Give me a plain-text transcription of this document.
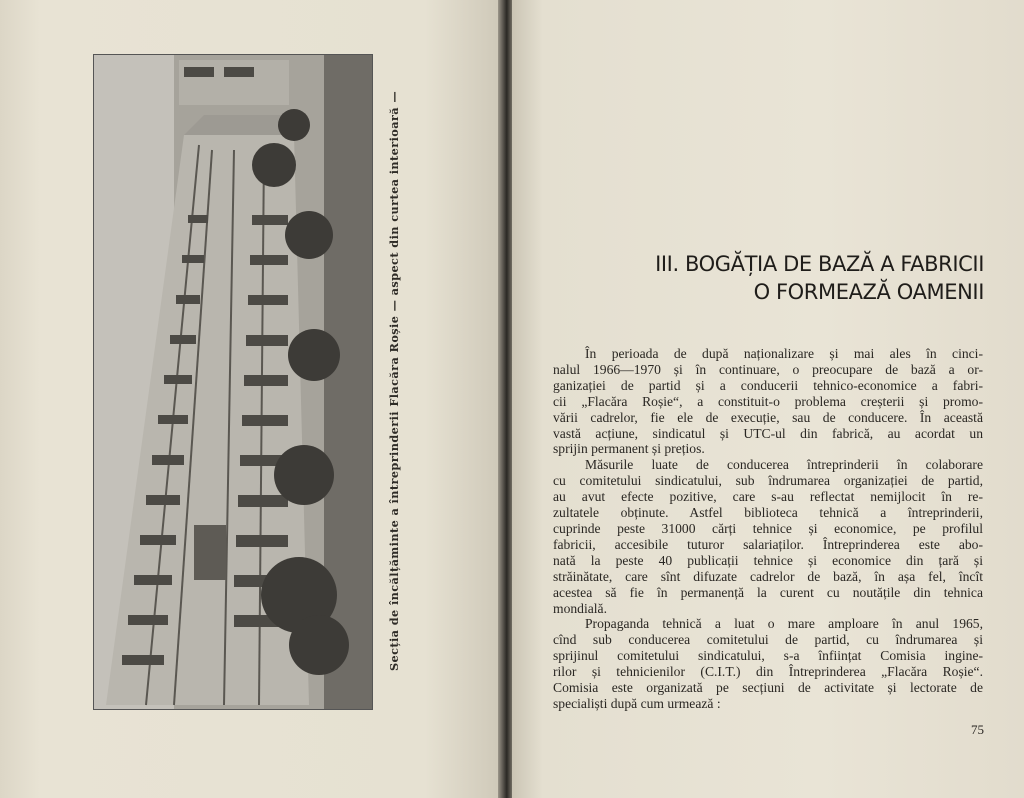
Secția de încălțăminte a întreprinderii Flacăra Roșie — aspect din curtea interioară —	III. BOGĂȚIA DE BAZĂ A FABRICII
O FORMEAZĂ OAMENII
În perioada de după naționalizare și mai ales în cinci-
nalul 1966—1970 și în continuare, o preocupare de bază a or-
ganizației de partid și a conducerii tehnico-economice a fabri-
cii „Flacăra Roșie“, a constituit-o problema creșterii și promo-
vării cadrelor, fie ele de execuție, sau de conducere. În această
vastă acțiune, sindicatul și UTC-ul din fabrică, au acordat un
sprijin permanent și prețios.
Măsurile luate de conducerea întreprinderii în colaborare
cu comitetului sindicatului, sub îndrumarea organizației de partid,
au avut efecte pozitive, care s-au reflectat nemijlocit în re-
zultatele obținute. Astfel biblioteca tehnică a întreprinderii,
cuprinde peste 31000 cărți tehnice și economice, pe profilul
fabricii, accesibile tuturor salariaților. Întreprinderea este abo-
nată la peste 40 publicații tehnice și economice din țară și
străinătate, care sînt difuzate cadrelor de bază, în așa fel, încît
acestea să fie în permanență la curent cu noutățile din tehnica
mondială.
Propaganda tehnică a luat o mare amploare în anul 1965,
cînd sub conducerea comitetului de partid, cu îndrumarea și
sprijinul comitetului sindicatului, s-a înființat Comisia inginе-
rilor și tehnicienilor (C.I.T.) din Întreprinderea „Flacăra Roșie“.
Comisia este organizată pe secțiuni de activitate și lectorate de
specialiști după cum urmează :
75
